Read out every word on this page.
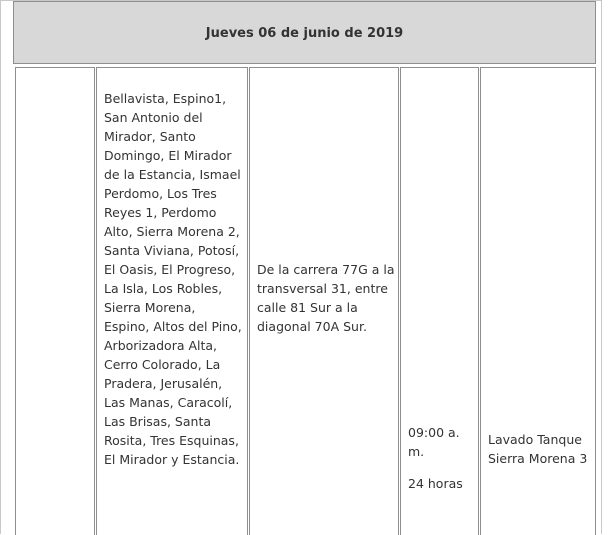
Jueves 06 de junio de 2019
Bellavista, Espino1, San Antonio del Mirador, Santo Domingo, El Mirador de la Estancia, Ismael Perdomo, Los Tres Reyes 1, Perdomo Alto, Sierra Morena 2, Santa Viviana, Potosí, El Oasis, El Progreso, La Isla, Los Robles, Sierra Morena, Espino, Altos del Pino, Arborizadora Alta, Cerro Colorado, La Pradera, Jerusalén, Las Manas, Caracolí, Las Brisas, Santa Rosita, Tres Esquinas, El Mirador y Estancia.
De la carrera 77G a la transversal 31, entre calle 81 Sur a la diagonal 70A Sur.
09:00 a. m.
24 horas
Lavado Tanque Sierra Morena 3
